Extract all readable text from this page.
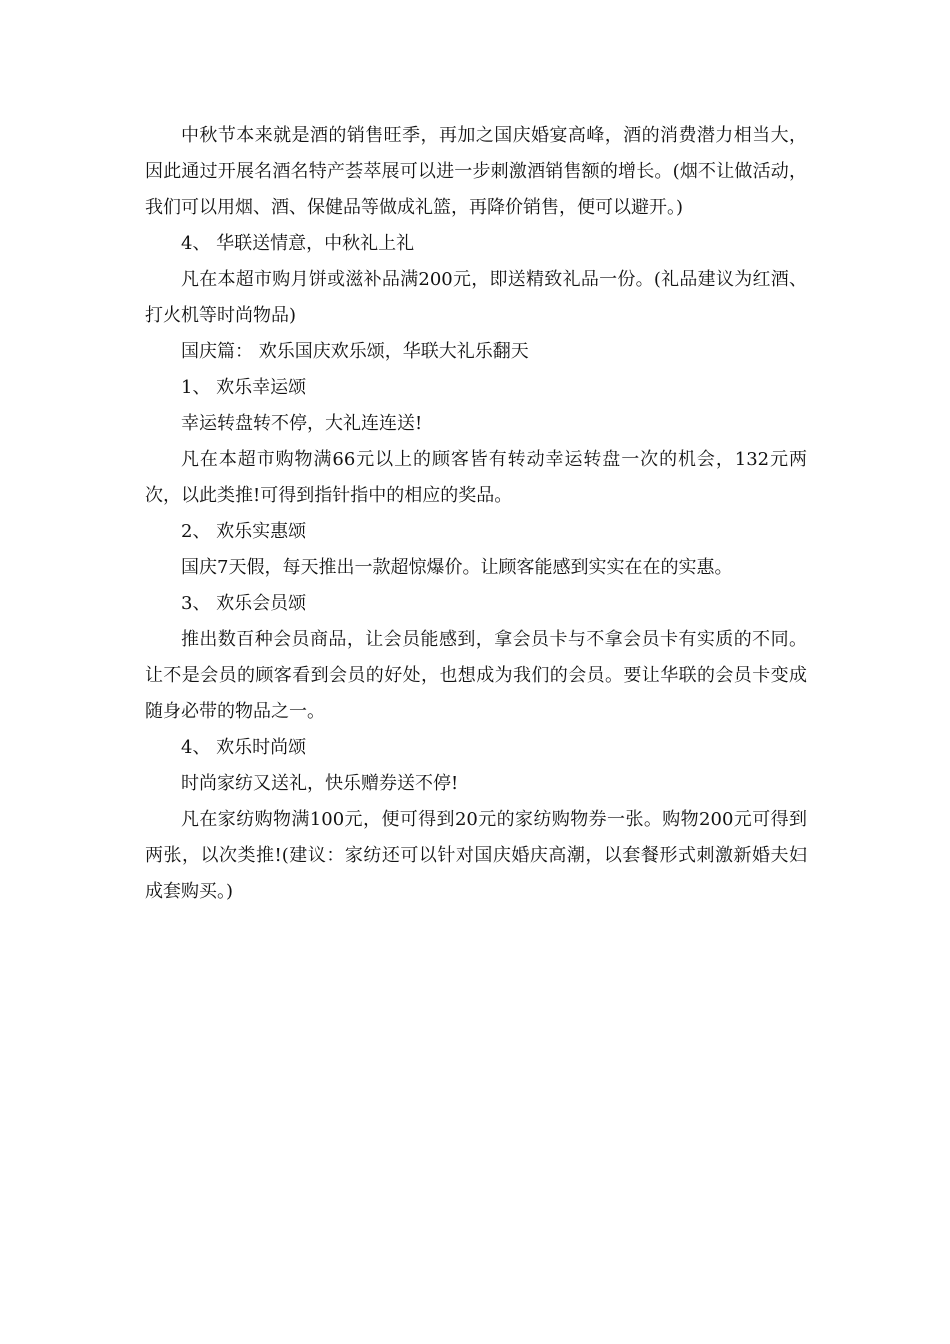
中秋节本来就是酒的销售旺季，再加之国庆婚宴高峰，酒的消费潜力相当大，因此通过开展名酒名特产荟萃展可以进一步刺激酒销售额的增长。(烟不让做活动，我们可以用烟、酒、保健品等做成礼篮，再降价销售，便可以避开。)

4、 华联送情意，中秋礼上礼

凡在本超市购月饼或滋补品满200元，即送精致礼品一份。(礼品建议为红酒、打火机等时尚物品)

国庆篇： 欢乐国庆欢乐颂，华联大礼乐翻天

1、 欢乐幸运颂

幸运转盘转不停，大礼连连送!

凡在本超市购物满66元以上的顾客皆有转动幸运转盘一次的机会，132元两次，以此类推!可得到指针指中的相应的奖品。

2、 欢乐实惠颂

国庆7天假，每天推出一款超惊爆价。让顾客能感到实实在在的实惠。

3、 欢乐会员颂

推出数百种会员商品，让会员能感到，拿会员卡与不拿会员卡有实质的不同。让不是会员的顾客看到会员的好处，也想成为我们的会员。要让华联的会员卡变成随身必带的物品之一。

4、 欢乐时尚颂

时尚家纺又送礼，快乐赠券送不停!

凡在家纺购物满100元，便可得到20元的家纺购物券一张。购物200元可得到两张，以次类推!(建议：家纺还可以针对国庆婚庆高潮，以套餐形式刺激新婚夫妇成套购买。)
